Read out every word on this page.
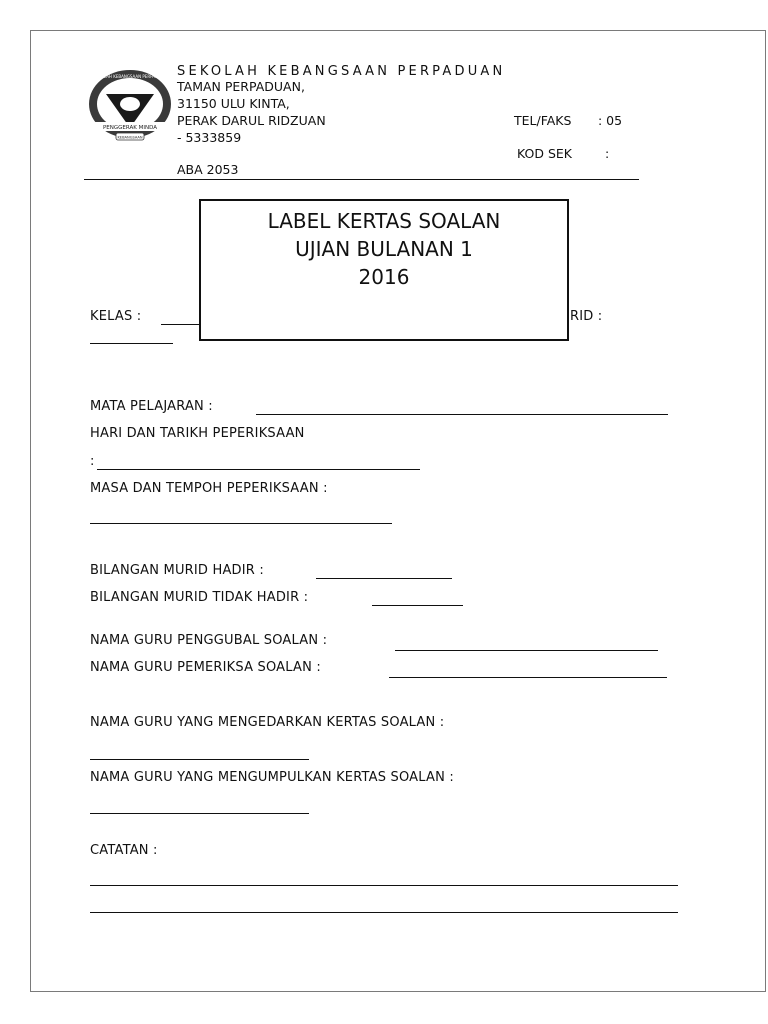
PENGGERAK MINDA
KEBANGSAAN
SEKOLAH KEBANGSAAN PERPADUAN SEKOLAH KEBANGSAAN PERPADUAN
TAMAN PERPADUAN,
31150 ULU KINTA,
PERAK DARUL RIDZUAN
- 5333859
ABA 2053
TEL/FAKS : 05
KOD SEK	:
KELAS :	RID :
LABEL KERTAS SOALAN
UJIAN BULANAN 1
2016
MATA PELAJARAN :
HARI DAN TARIKH PEPERIKSAAN
:
MASA DAN TEMPOH PEPERIKSAAN :
BILANGAN MURID HADIR :
BILANGAN MURID TIDAK HADIR :
NAMA GURU PENGGUBAL SOALAN :
NAMA GURU PEMERIKSA SOALAN :
NAMA GURU YANG MENGEDARKAN KERTAS SOALAN :
NAMA GURU YANG MENGUMPULKAN KERTAS SOALAN :
CATATAN :
